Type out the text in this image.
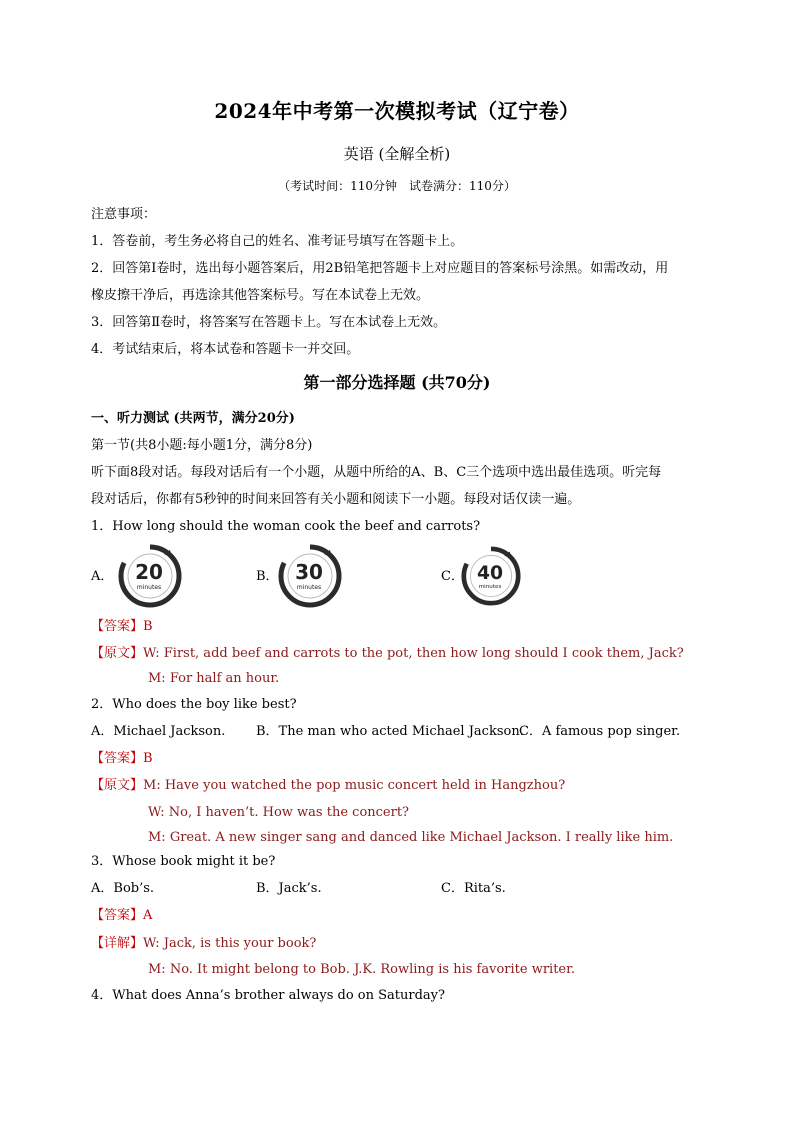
2024年中考第一次模拟考试（辽宁卷）
英语 (全解全析)
（考试时间：110分钟　试卷满分：110分）
注意事项：
1．答卷前，考生务必将自己的姓名、准考证号填写在答题卡上。
2．回答第Ⅰ卷时，选出每小题答案后，用2B铅笔把答题卡上对应题目的答案标号涂黑。如需改动，用
橡皮擦干净后，再选涂其他答案标号。写在本试卷上无效。
3．回答第Ⅱ卷时，将答案写在答题卡上。写在本试卷上无效。
4．考试结束后，将本试卷和答题卡一并交回。
第一部分选择题 (共70分)
一、听力测试 (共两节，满分20分)
第一节(共8小题:每小题1分，满分8分)
听下面8段对话。每段对话后有一个小题，从题中所给的A、B、C三个选项中选出最佳选项。听完每
段对话后，你都有5秒钟的时间来回答有关小题和阅读下一小题。每段对话仅读一遍。
1．How long should the woman cook the beef and carrots?
A． 20
minutes
B． 30
minutes
C． 40
minutes
【答案】B
【原文】W: First, add beef and carrots to the pot, then how long should I cook them, Jack?
M: For half an hour.
2．Who does the boy like best?
A．Michael Jackson. B．The man who acted Michael Jackson.
C．A famous pop singer.
【答案】B
【原文】M: Have you watched the pop music concert held in Hangzhou?
W: No, I haven’t. How was the concert?
M: Great. A new singer sang and danced like Michael Jackson. I really like him.
3．Whose book might it be?
A．Bob’s.	B．Jack’s.	C．Rita’s.
【答案】A
【详解】W: Jack, is this your book?
M: No. It might belong to Bob. J.K. Rowling is his favorite writer.
4．What does Anna’s brother always do on Saturday?
